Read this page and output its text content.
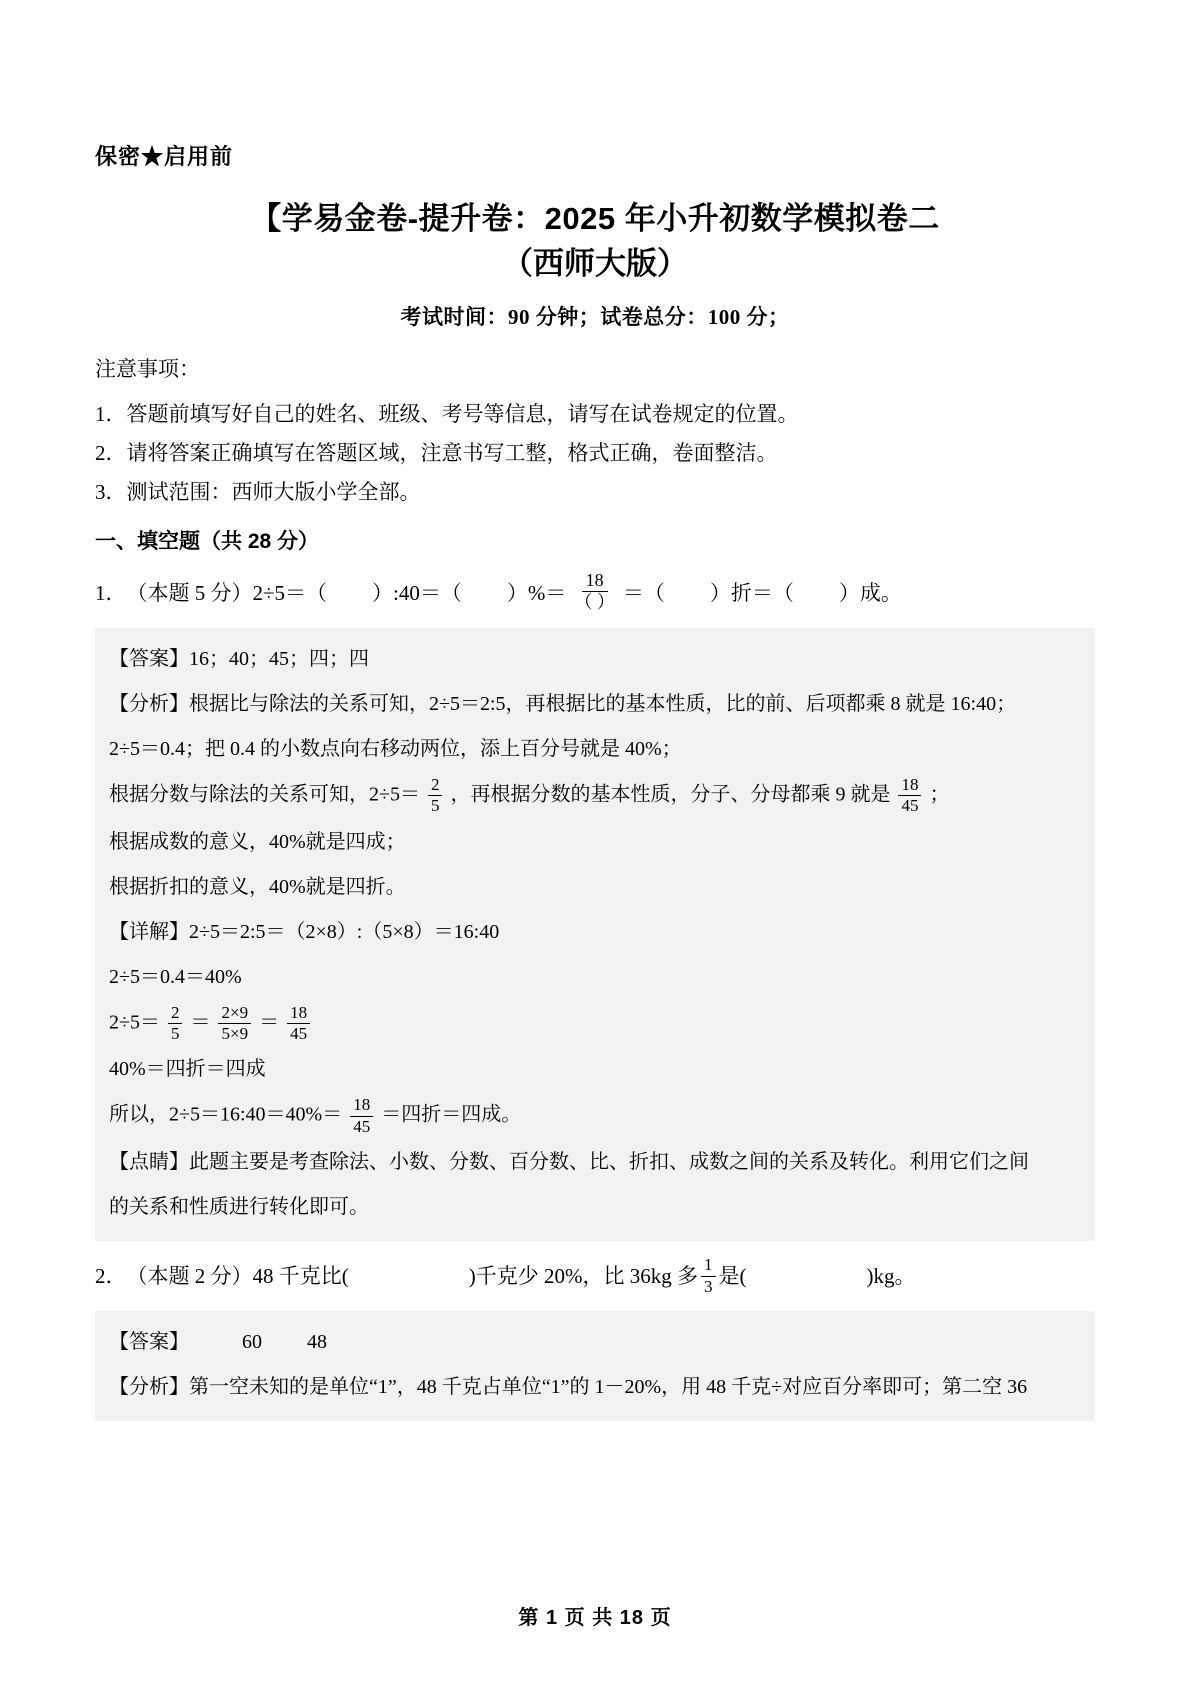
保密★启用前
【学易金卷-提升卷：2025 年小升初数学模拟卷二
（西师大版）
考试时间：90 分钟；试卷总分：100 分；
注意事项：

1．答题前填写好自己的姓名、班级、考号等信息，请写在试卷规定的位置。

2．请将答案正确填写在答题区域，注意书写工整，格式正确，卷面整洁。

3．测试范围：西师大版小学全部。

一、填空题（共 28 分）
1． （本题 5 分）2÷5＝（
）:40＝（
）%＝ $\frac{18}{( )}$ ＝（
）折＝（
）成。

【答案】16；40；45；四；四

【分析】根据比与除法的关系可知，2÷5＝2:5，再根据比的基本性质，比的前、后项都乘 8 就是 16:40；

2÷5＝0.4；把 0.4 的小数点向右移动两位，添上百分号就是 40%；

根据分数与除法的关系可知，$2\div 5= \frac{2}{5}$ ，再根据分数的基本性质，分子、分母都乘 9 就是 $\frac{18}{45}$ ；

根据成数的意义，40%就是四成；

根据折扣的意义，40%就是四折。

【详解】2÷5＝2:5＝（2×8）:（5×8）＝16:40

2÷5＝0.4＝40%

$2\div 5= \frac{2}{5} = \frac{2\times 9}{5\times 9} = \frac{18}{45}$

40%＝四折＝四成

所以，2÷5＝16:40＝40%＝ $\frac{18}{45}$ ＝四折＝四成。

【点睛】此题主要是考查除法、小数、分数、百分数、比、折扣、成数之间的关系及转化。利用它们之间

的关系和性质进行转化即可。

2． （本题 2 分）48 千克比(
	)千克少 20%，比 36kg 多 $\frac{1}{3}$ 是(
	)kg。

【答案】	60 48

【分析】第一空未知的是单位“1”，48 千克占单位“1”的 1－20%，用 48 千克÷对应百分率即可；第二空 36

第 1 页 共 18 页
